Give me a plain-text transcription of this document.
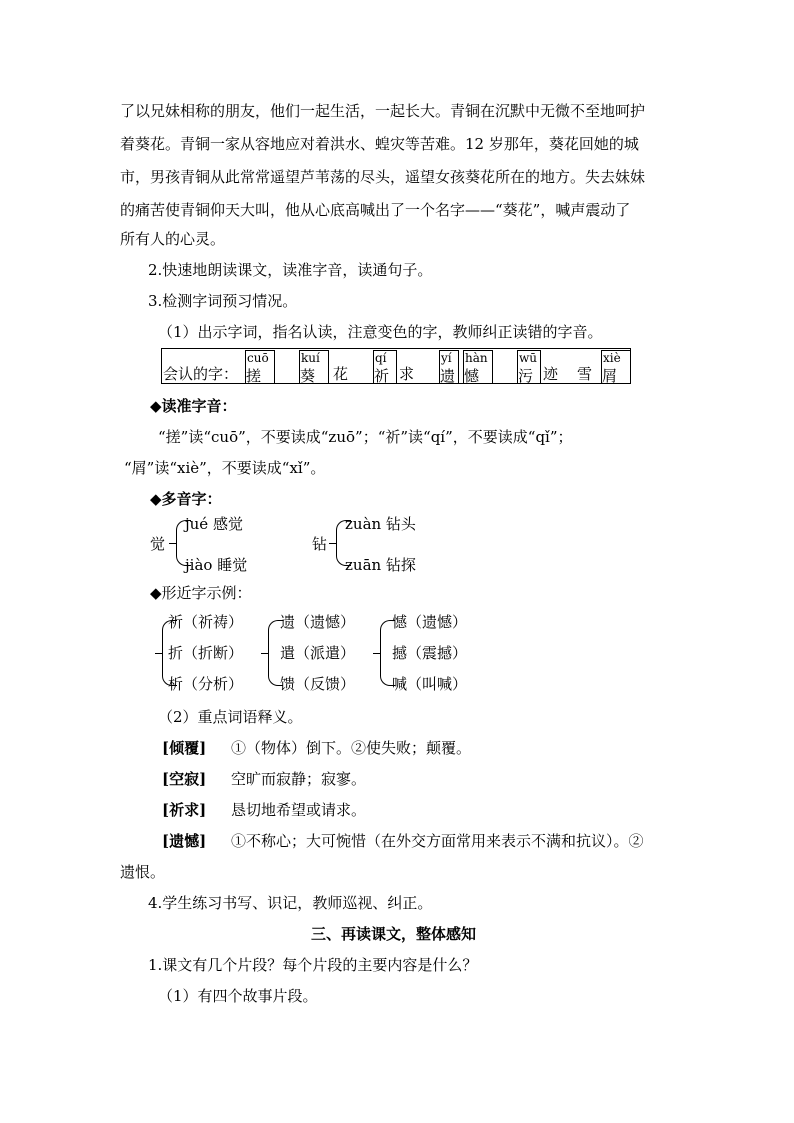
了以兄妹相称的朋友，他们一起生活，一起长大。青铜在沉默中无微不至地呵护
着葵花。青铜一家从容地应对着洪水、蝗灾等苦难。12 岁那年，葵花回她的城
市，男孩青铜从此常常遥望芦苇荡的尽头，遥望女孩葵花所在的地方。失去妹妹
的痛苦使青铜仰天大叫，他从心底高喊出了一个名字——“葵花”，喊声震动了
所有人的心灵。
2.快速地朗读课文，读准字音，读通句子。
3.检测字词预习情况。
（1）出示字词，指名认读，注意变色的字，教师纠正读错的字音。
会认的字：
cuō
搓
kuí
葵 花
qí
祈 求
yí
遗
hàn
憾
wū
污 迹 雪
xiè
屑
◆读准字音：
“搓”读“cuō”，不要读成“zuō”；“祈”读“qí”，不要读成“qǐ”；
“屑”读“xiè”，不要读成“xǐ”。
◆多音字：
觉
jué 感觉
jiào 睡觉
钻
zuàn 钻头
zuān 钻探
◆形近字示例：
祈（祈祷）
折（折断）
析（分析）
遗（遗憾）
遣（派遣）
馈（反馈）
憾（遗憾）
撼（震撼）
喊（叫喊）
（2）重点词语释义。
[倾覆] ①（物体）倒下。②使失败；颠覆。
[空寂] 空旷而寂静；寂寥。
[祈求] 恳切地希望或请求。
[遗憾] ①不称心；大可惋惜（在外交方面常用来表示不满和抗议）。②
遗恨。
4.学生练习书写、识记，教师巡视、纠正。
三、再读课文，整体感知
1.课文有几个片段？每个片段的主要内容是什么？
（1）有四个故事片段。
